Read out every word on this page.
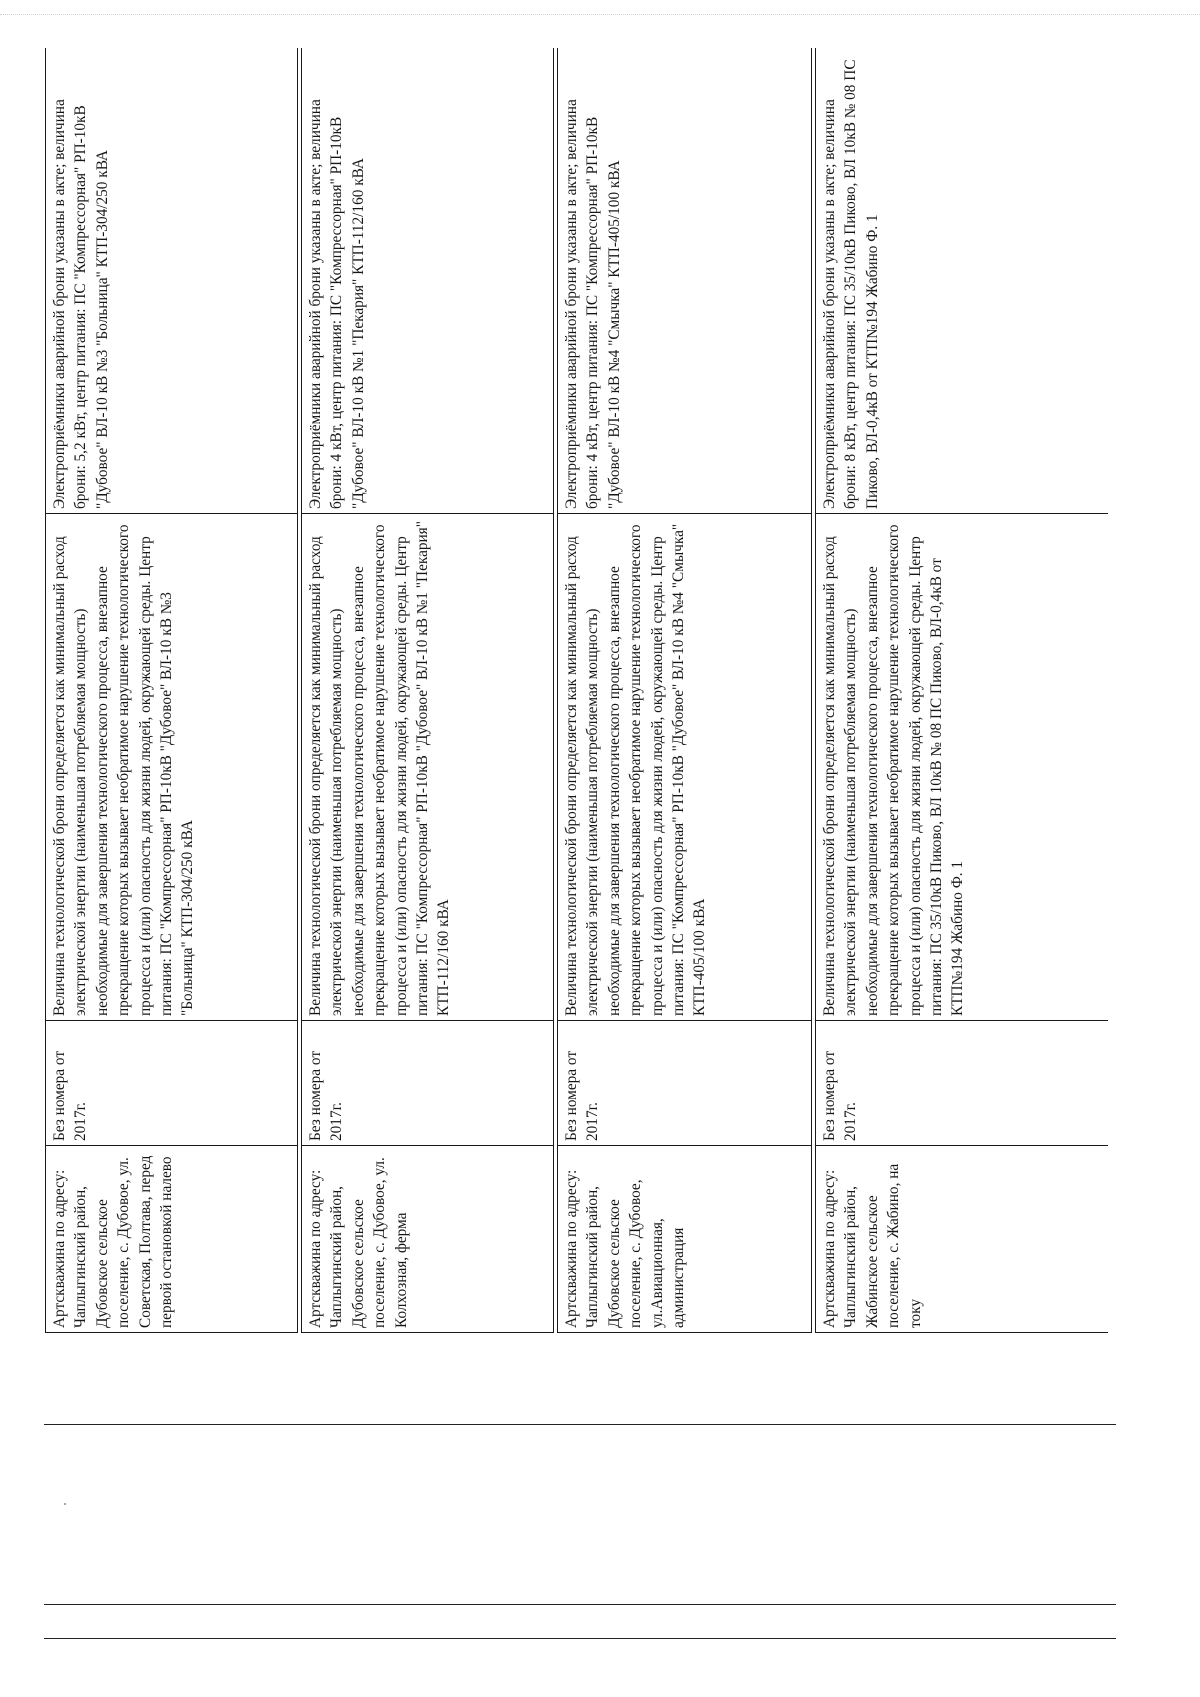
Артскважина по адресу: Чаплыгинский район, Дубовское сельское поселение, с. Дубовое, ул. Советская, Полтава, перед первой остановкой налево	Без номера от 2017г.	Величина технологической брони определяется как минимальный расход электрической энергии (наименьшая потребляемая мощность) необходимые для завершения технологического процесса, внезапное прекращение которых вызывает необратимое нарушение технологического процесса и (или) опасность для жизни людей, окружающей среды. Центр питания: ПС "Компрессорная" РП-10кВ "Дубовое" ВЛ-10 кВ №3 "Больница" КТП-304/250 кВА	Электроприёмники аварийной брони указаны в акте; величина брони: 5,2 кВт, центр питания: ПС "Компрессорная" РП-10кВ "Дубовое" ВЛ-10 кВ №3 "Больница" КТП-304/250 кВА

Артскважина по адресу: Чаплыгинский район, Дубовское сельское поселение, с. Дубовое, ул. Колхозная, ферма	Без номера от 2017г.	Величина технологической брони определяется как минимальный расход электрической энергии (наименьшая потребляемая мощность) необходимые для завершения технологического процесса, внезапное прекращение которых вызывает необратимое нарушение технологического процесса и (или) опасность для жизни людей, окружающей среды. Центр питания: ПС "Компрессорная" РП-10кВ "Дубовое" ВЛ-10 кВ №1 "Пекария" КТП-112/160 кВА	Электроприёмники аварийной брони указаны в акте; величина брони: 4 кВт, центр питания: ПС "Компрессорная" РП-10кВ "Дубовое" ВЛ-10 кВ №1 "Пекария" КТП-112/160 кВА

Артскважина по адресу: Чаплыгинский район, Дубовское сельское поселение, с. Дубовое, ул.Авиационная, администрация	Без номера от 2017г.	Величина технологической брони определяется как минимальный расход электрической энергии (наименьшая потребляемая мощность) необходимые для завершения технологического процесса, внезапное прекращение которых вызывает необратимое нарушение технологического процесса и (или) опасность для жизни людей, окружающей среды. Центр питания: ПС "Компрессорная" РП-10кВ "Дубовое" ВЛ-10 кВ №4 "Смычка" КТП-405/100 кВА	Электроприёмники аварийной брони указаны в акте; величина брони: 4 кВт, центр питания: ПС "Компрессорная" РП-10кВ "Дубовое" ВЛ-10 кВ №4 "Смычка" КТП-405/100 кВА

Артскважина по адресу: Чаплыгинский район, Жабинское сельское поселение, с. Жабино, на току	Без номера от 2017г.	Величина технологической брони определяется как минимальный расход электрической энергии (наименьшая потребляемая мощность) необходимые для завершения технологического процесса, внезапное прекращение которых вызывает необратимое нарушение технологического процесса и (или) опасность для жизни людей, окружающей среды. Центр питания: ПС 35/10кВ Пиково, ВЛ 10кВ № 08 ПС Пиково, ВЛ-0,4кВ от КТП№194 Жабино Ф. 1	Электроприёмники аварийной брони указаны в акте; величина брони: 8 кВт, центр питания: ПС 35/10кВ Пиково, ВЛ 10кВ № 08 ПС Пиково, ВЛ-0,4кВ от КТП№194 Жабино Ф. 1
